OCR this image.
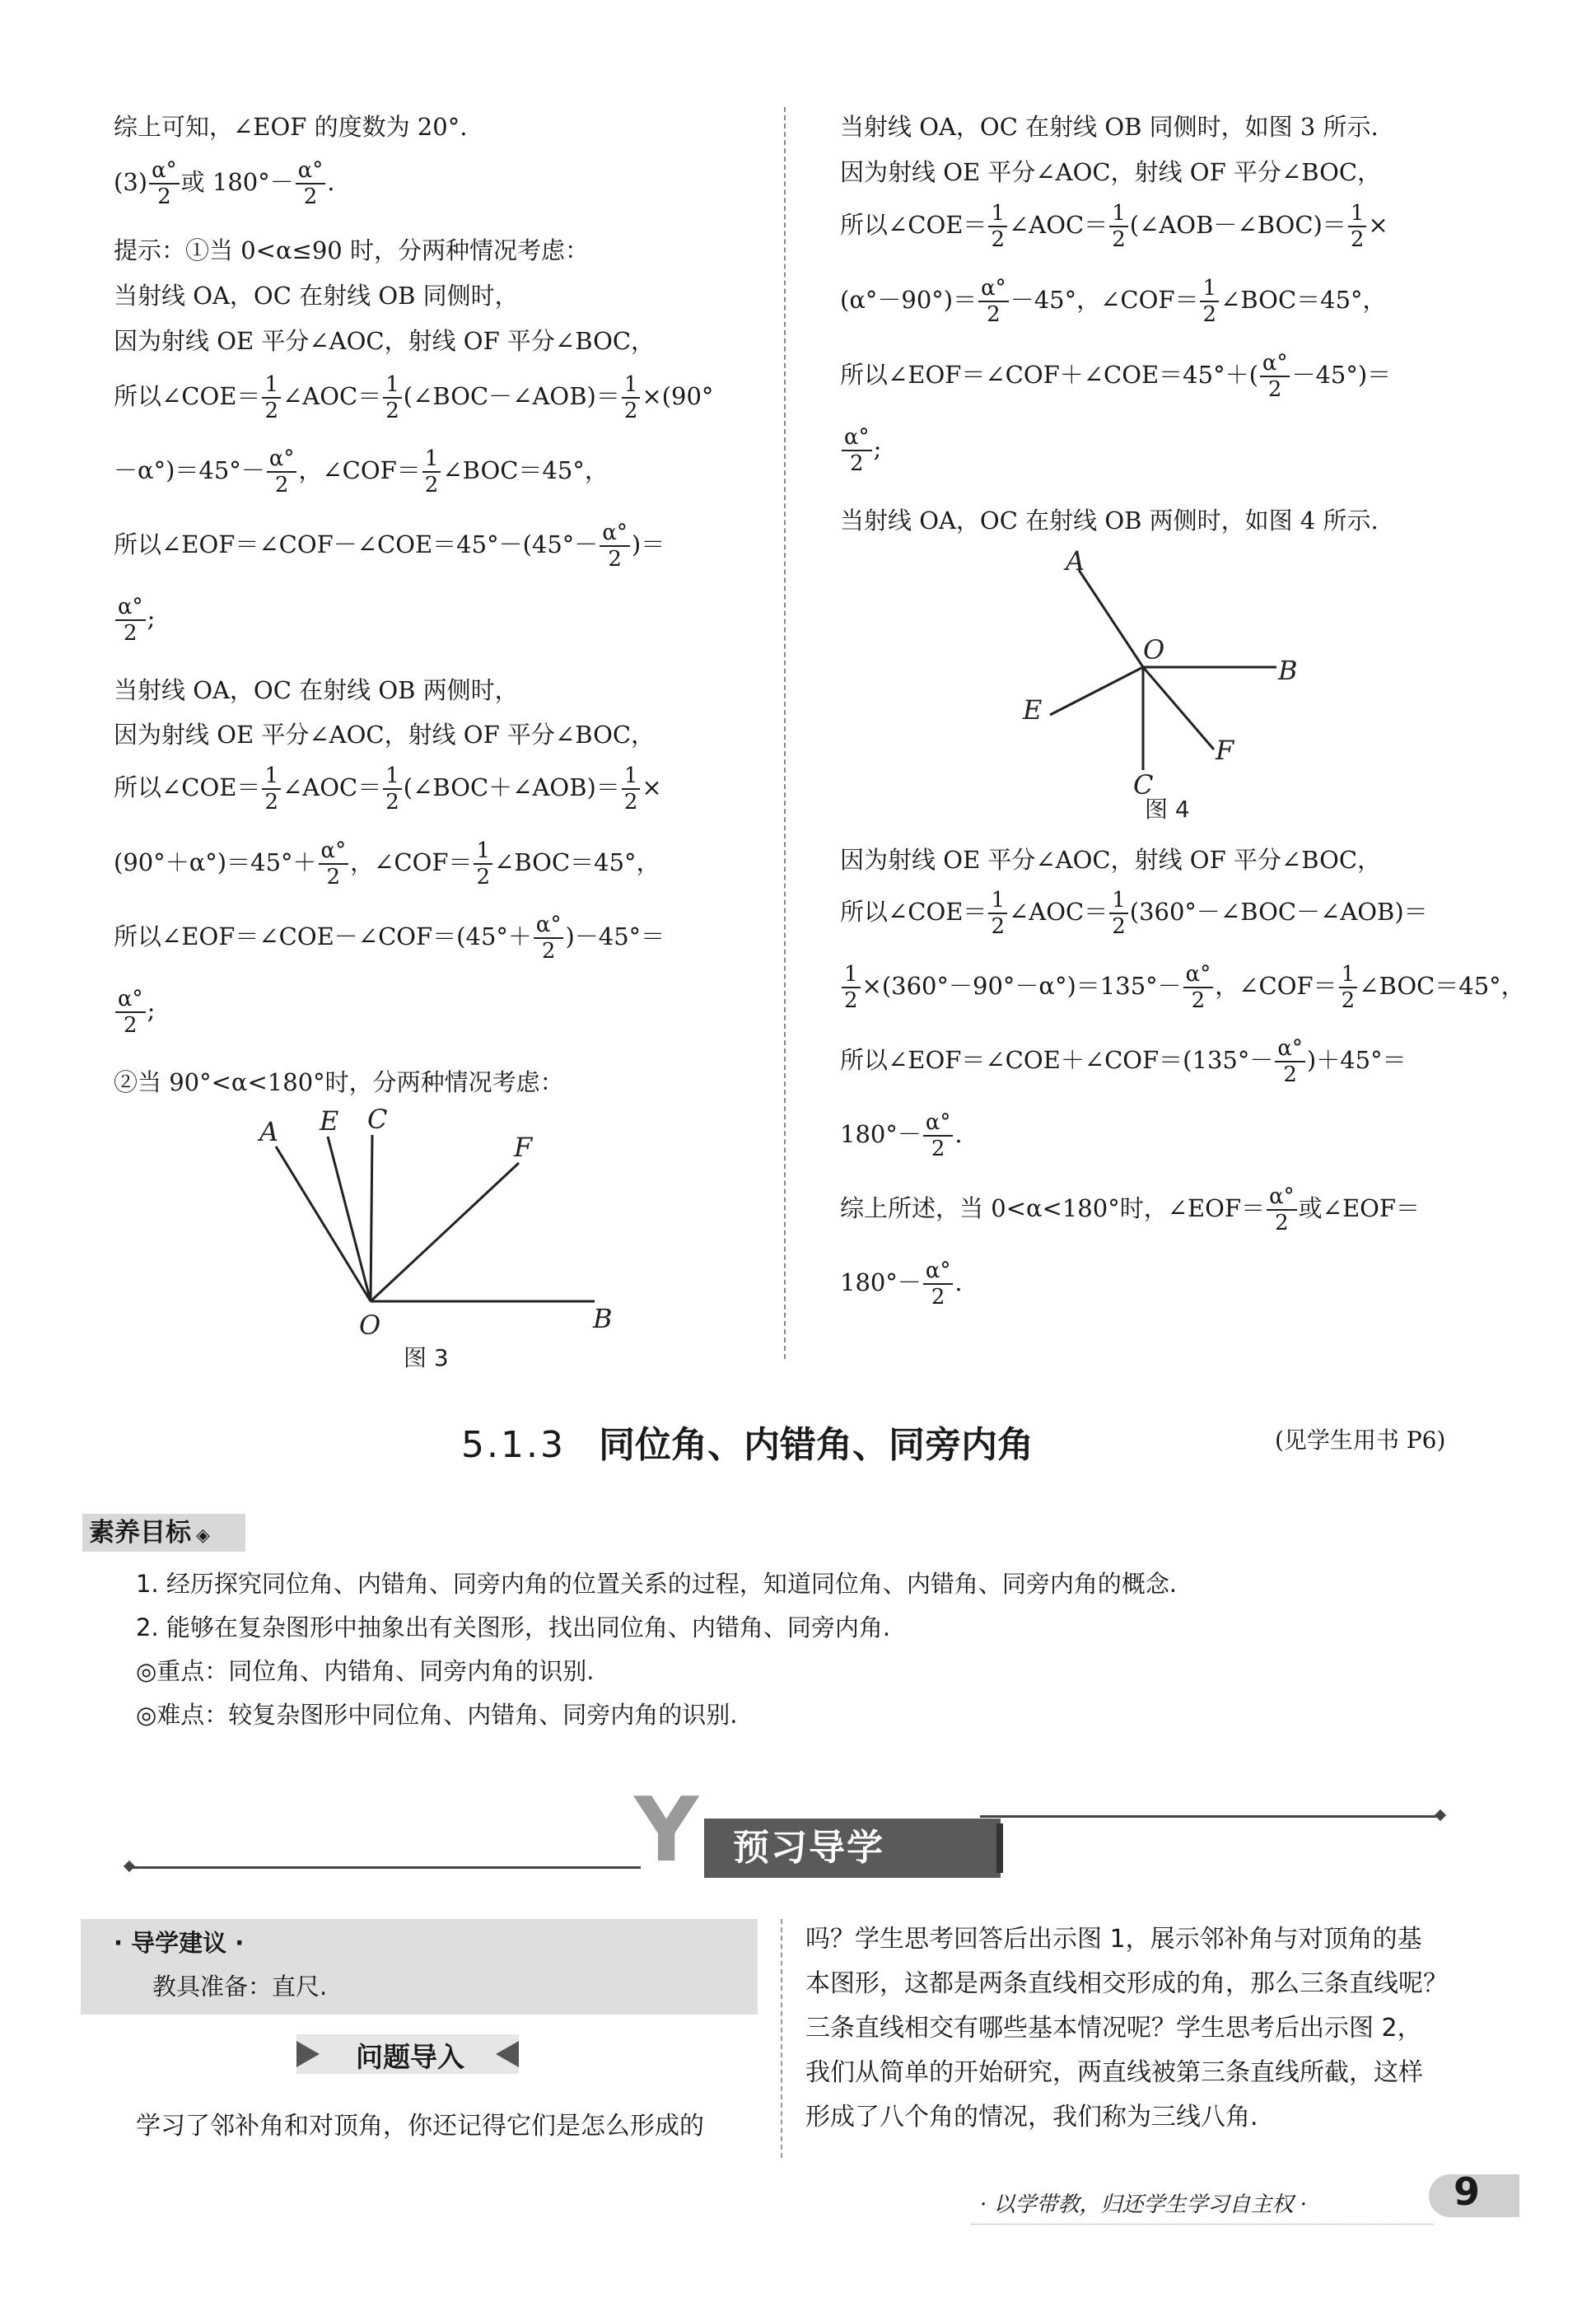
综上可知，∠EOF 的度数为 20°.
$(3) \frac{\alpha^\circ}{2}$ 或 $180^\circ- \frac{\alpha^\circ}{2}$ .
提示：①当 0<α≤90 时，分两种情况考虑：
当射线 OA，OC 在射线 OB 同侧时，
因为射线 OE 平分∠AOC，射线 OF 平分∠BOC，
所以∠COE＝ $\frac{1}{2}$ ∠AOC＝ $\frac{1}{2}$ (∠BOC－∠AOB)＝ $\frac{1}{2} \times(90^\circ$
$-\alpha^\circ)=45^\circ- \frac{\alpha^\circ}{2}$ ，∠COF＝ $\frac{1}{2}$ ∠BOC＝45°，
所以∠EOF＝∠COF－∠COE＝45°－(45°－ $\frac{\alpha^\circ}{2}$ )＝
$\frac{\alpha^\circ}{2}$ ;
当射线 OA，OC 在射线 OB 两侧时，
因为射线 OE 平分∠AOC，射线 OF 平分∠BOC，
所以∠COE＝ $\frac{1}{2}$ ∠AOC＝ $\frac{1}{2}$ (∠BOC＋∠AOB)＝ $\frac{1}{2}$ ×
$(90^\circ+\alpha^\circ)=45^\circ+ \frac{\alpha^\circ}{2}$ ，∠COF＝ $\frac{1}{2}$ ∠BOC＝45°，
所以∠EOF＝∠COE－∠COF＝(45°＋ $\frac{\alpha^\circ}{2} )-45^\circ=$
$\frac{\alpha^\circ}{2}$ ;
②当 90°<α<180°时，分两种情况考虑：
A E C
F
O	B
图 3
当射线 OA，OC 在射线 OB 同侧时，如图 3 所示.
因为射线 OE 平分∠AOC，射线 OF 平分∠BOC，
所以∠COE＝ $\frac{1}{2}$ ∠AOC＝ $\frac{1}{2}$ (∠AOB－∠BOC)＝ $\frac{1}{2}$ ×
$(\alpha^\circ-90^\circ)= \frac{\alpha^\circ}{2} -45^\circ$，∠COF＝ $\frac{1}{2}$ ∠BOC＝45°，
所以∠EOF＝∠COF＋∠COE＝45°＋( $\frac{\alpha^\circ}{2} -45^\circ)=$
$\frac{\alpha^\circ}{2}$ ;
当射线 OA，OC 在射线 OB 两侧时，如图 4 所示.
因为射线 OE 平分∠AOC，射线 OF 平分∠BOC，
所以∠COE＝ $\frac{1}{2}$ ∠AOC＝ $\frac{1}{2}$ (360°－∠BOC－∠AOB)＝
$\frac{1}{2} \times(360^\circ-90^\circ-\alpha^\circ)=135^\circ- \frac{\alpha^\circ}{2}$ ，∠COF＝ $\frac{1}{2}$ ∠BOC＝45°，
所以∠EOF＝∠COE＋∠COF＝(135°－ $\frac{\alpha^\circ}{2} )+45^\circ=$
$180^\circ- \frac{\alpha^\circ}{2}$ .
综上所述，当 0<α<180°时，∠EOF＝ $\frac{\alpha^\circ}{2}$ 或∠EOF＝
$180^\circ- \frac{\alpha^\circ}{2}$ .
A
O
B
E
F
C
图 4
5.1.3 同位角、内错角、同旁内角	(见学生用书 P6)
素养目标 ◈
1. 经历探究同位角、内错角、同旁内角的位置关系的过程，知道同位角、内错角、同旁内角的概念.
2. 能够在复杂图形中抽象出有关图形，找出同位角、内错角、同旁内角.
◎重点：同位角、内错角、同旁内角的识别.
◎难点：较复杂图形中同位角、内错角、同旁内角的识别.
Y 预习导学
· 导学建议 ·
教具准备：直尺.
问题导入
学习了邻补角和对顶角，你还记得它们是怎么形成的
吗？学生思考回答后出示图 1，展示邻补角与对顶角的基
本图形，这都是两条直线相交形成的角，那么三条直线呢？
三条直线相交有哪些基本情况呢？学生思考后出示图 2，
我们从简单的开始研究，两直线被第三条直线所截，这样
形成了八个角的情况，我们称为三线八角.
· 以学带教，归还学生学习自主权 ·	9
